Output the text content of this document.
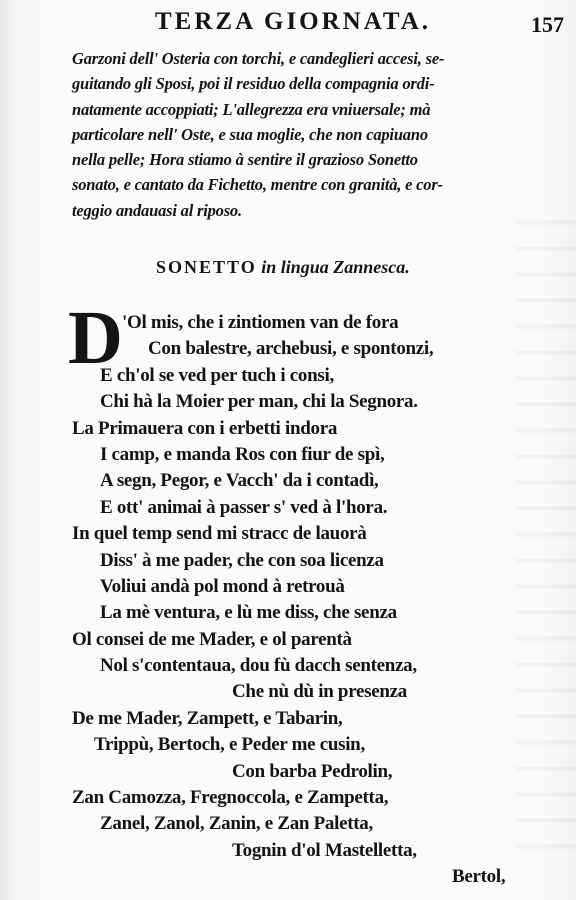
TERZA GIORNATA.	157
Garzoni dell' Osteria con torchi, e candeglieri accesi, se-
guitando gli Sposi, poi il residuo della compagnia ordi-
natamente accoppiati; L'allegrezza era vniuersale; mà
particolare nell' Oste, e sua moglie, che non capiuano
nella pelle; Hora stiamo à sentire il grazioso Sonetto
sonato, e cantato da Fichetto, mentre con granità, e cor-
teggio andauasi al riposo.
SONETTO in lingua Zannesca.
D 'Ol mis, che i zintiomen van de fora
Con balestre, archebusi, e spontonzi,
E ch'ol se ved per tuch i consi,
Chi hà la Moier per man, chi la Segnora.
La Primauera con i erbetti indora
I camp, e manda Ros con fiur de spì,
A segn, Pegor, e Vacch' da i contadì,
E ott' animai à passer s' ved à l'hora.
In quel temp send mi stracc de lauorà
Diss' à me pader, che con soa licenza
Voliui andà pol mond à retrouà
La mè ventura, e lù me diss, che senza
Ol consei de me Mader, e ol parentà
Nol s'contentaua, dou fù dacch sentenza,
Che nù dù in presenza
De me Mader, Zampett, e Tabarin,
Trippù, Bertoch, e Peder me cusin,
Con barba Pedrolin,
Zan Camozza, Fregnoccola, e Zampetta,
Zanel, Zanol, Zanin, e Zan Paletta,
Tognin d'ol Mastelletta,
Bertol,
